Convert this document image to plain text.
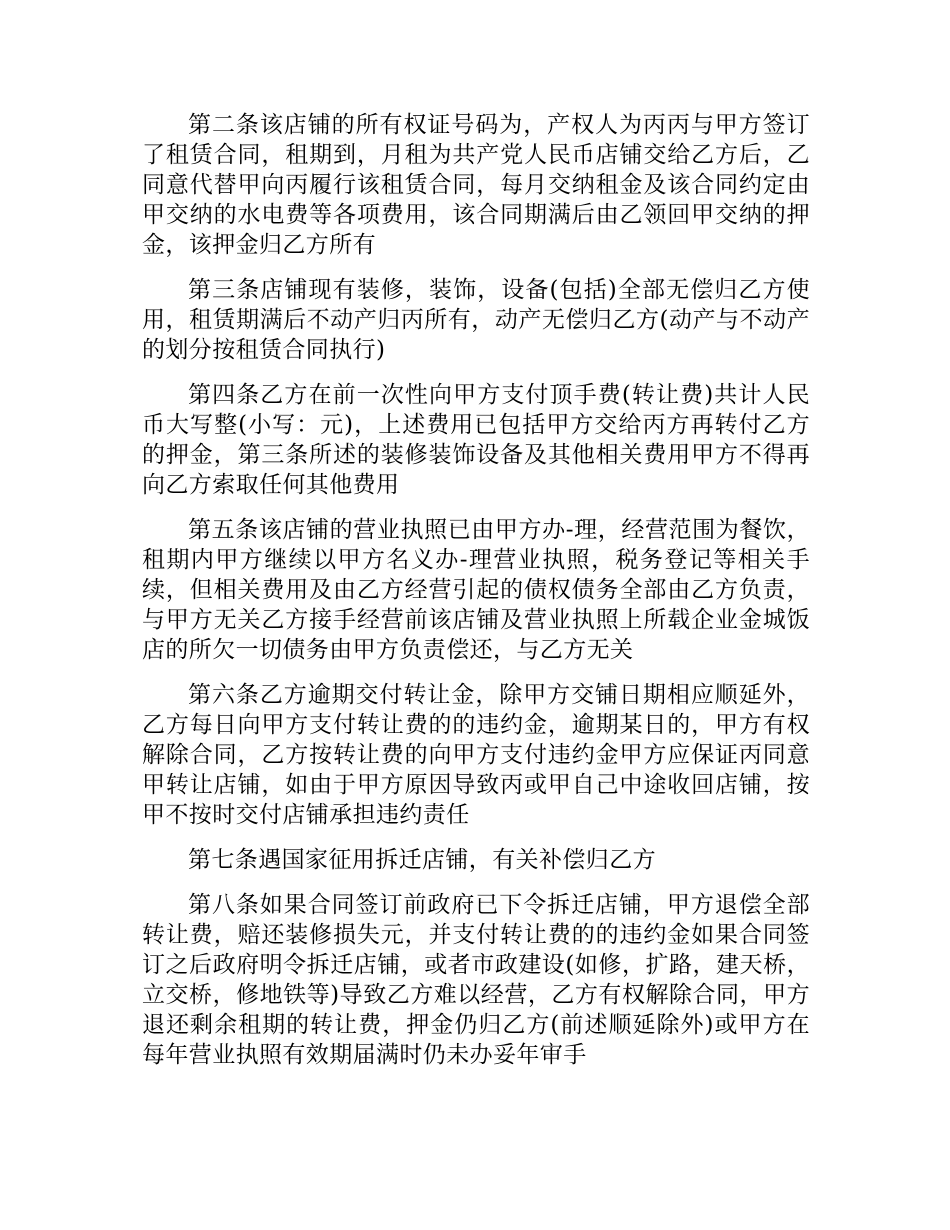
第二条该店铺的所有权证号码为，产权人为丙丙与甲方签订了租赁合同，租期到，月租为共产党人民币店铺交给乙方后，乙同意代替甲向丙履行该租赁合同，每月交纳租金及该合同约定由甲交纳的水电费等各项费用，该合同期满后由乙领回甲交纳的押金，该押金归乙方所有

第三条店铺现有装修，装饰，设备(包括)全部无偿归乙方使用，租赁期满后不动产归丙所有，动产无偿归乙方(动产与不动产的划分按租赁合同执行)

第四条乙方在前一次性向甲方支付顶手费(转让费)共计人民币大写整(小写：元)，上述费用已包括甲方交给丙方再转付乙方的押金，第三条所述的装修装饰设备及其他相关费用甲方不得再向乙方索取任何其他费用

第五条该店铺的营业执照已由甲方办-理，经营范围为餐饮，租期内甲方继续以甲方名义办-理营业执照，税务登记等相关手续，但相关费用及由乙方经营引起的债权债务全部由乙方负责，与甲方无关乙方接手经营前该店铺及营业执照上所载企业金城饭店的所欠一切债务由甲方负责偿还，与乙方无关

第六条乙方逾期交付转让金，除甲方交铺日期相应顺延外，乙方每日向甲方支付转让费的的违约金，逾期某日的，甲方有权解除合同，乙方按转让费的向甲方支付违约金甲方应保证丙同意甲转让店铺，如由于甲方原因导致丙或甲自己中途收回店铺，按甲不按时交付店铺承担违约责任

第七条遇国家征用拆迁店铺，有关补偿归乙方

第八条如果合同签订前政府已下令拆迁店铺，甲方退偿全部转让费，赔还装修损失元，并支付转让费的的违约金如果合同签订之后政府明令拆迁店铺，或者市政建设(如修，扩路，建天桥，立交桥，修地铁等)导致乙方难以经营，乙方有权解除合同，甲方退还剩余租期的转让费，押金仍归乙方(前述顺延除外)或甲方在每年营业执照有效期届满时仍未办妥年审手
